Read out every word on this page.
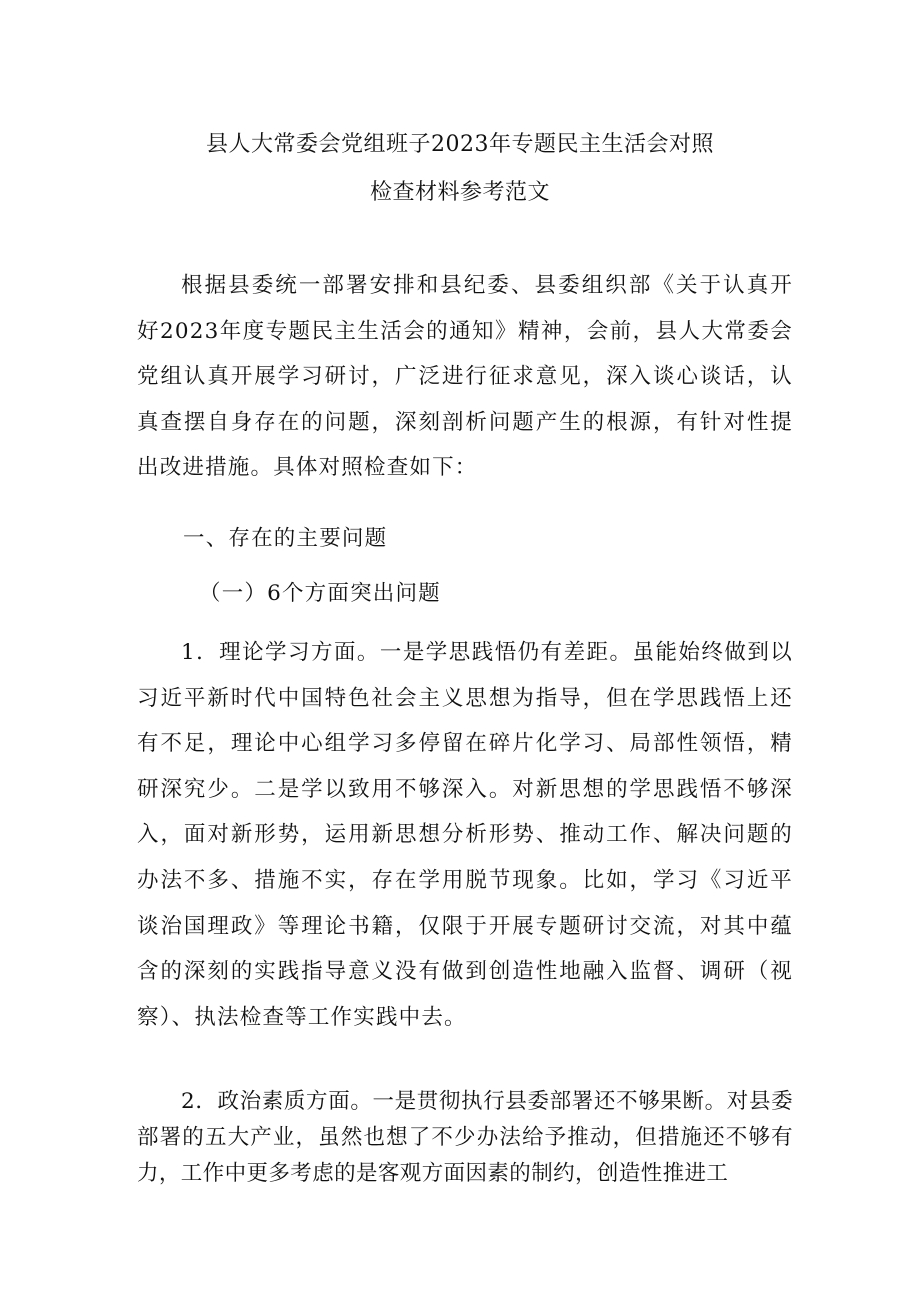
县人大常委会党组班子2023年专题民主生活会对照
检查材料参考范文

根据县委统一部署安排和县纪委、县委组织部《关于认真开好2023年度专题民主生活会的通知》精神，会前，县人大常委会党组认真开展学习研讨，广泛进行征求意见，深入谈心谈话，认真查摆自身存在的问题，深刻剖析问题产生的根源，有针对性提出改进措施。具体对照检查如下：

一、存在的主要问题

（一）6个方面突出问题

1．理论学习方面。一是学思践悟仍有差距。虽能始终做到以习近平新时代中国特色社会主义思想为指导，但在学思践悟上还有不足，理论中心组学习多停留在碎片化学习、局部性领悟，精研深究少。二是学以致用不够深入。对新思想的学思践悟不够深入，面对新形势，运用新思想分析形势、推动工作、解决问题的办法不多、措施不实，存在学用脱节现象。比如，学习《习近平谈治国理政》等理论书籍，仅限于开展专题研讨交流，对其中蕴含的深刻的实践指导意义没有做到创造性地融入监督、调研（视察）、执法检查等工作实践中去。

2．政治素质方面。一是贯彻执行县委部署还不够果断。对县委部署的五大产业，虽然也想了不少办法给予推动，但措施还不够有力，工作中更多考虑的是客观方面因素的制约，创造性推进工
